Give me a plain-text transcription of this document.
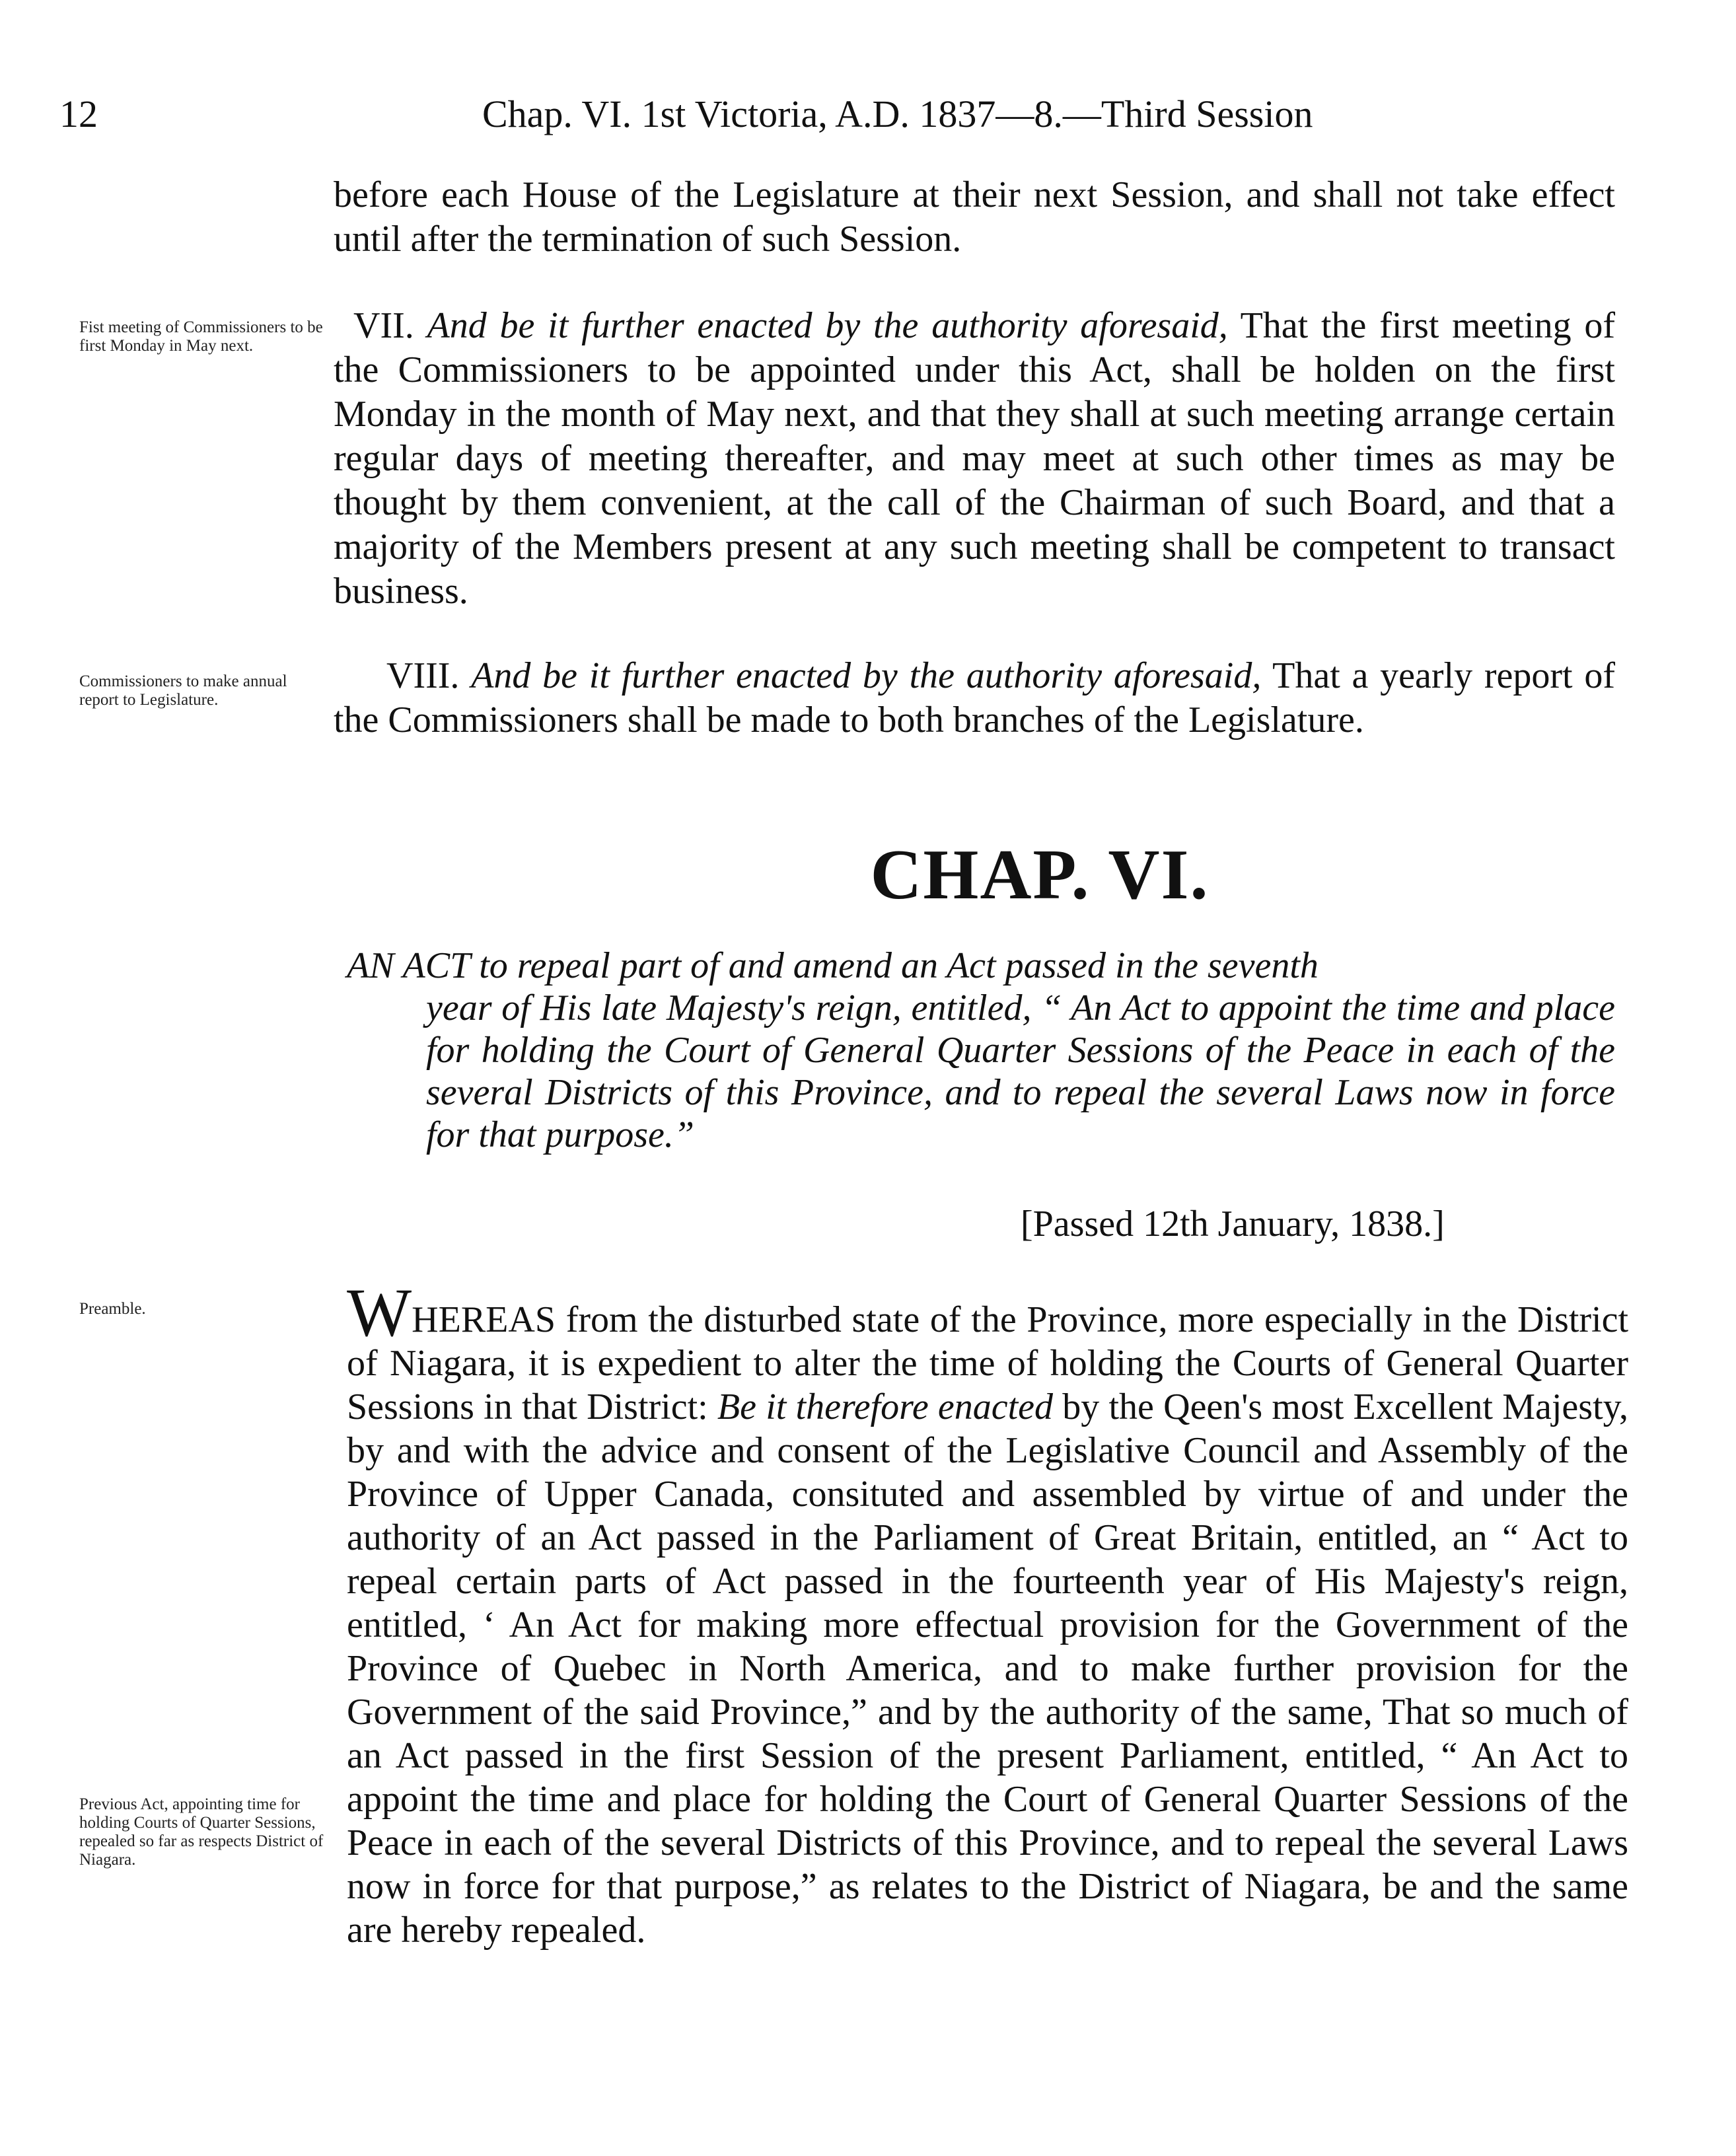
12	Chap. VI. 1st Victoria, A.D. 1837—8.—Third Session
before each House of the Legislature at their next Session, and shall not take effect until after the termination of such Session.
Fist meeting of Commissioners to be first Monday in May next.	VII. And be it further enacted by the authority aforesaid, That the first meeting of the Commissioners to be appointed under this Act, shall be holden on the first Monday in the month of May next, and that they shall at such meeting arrange certain regular days of meeting thereafter, and may meet at such other times as may be thought by them convenient, at the call of the Chairman of such Board, and that a majority of the Members present at any such meeting shall be competent to transact business.
Commissioners to make annual report to Legislature.
VIII. And be it further enacted by the authority aforesaid, That a yearly report of the Commissioners shall be made to both branches of the Legislature.
CHAP. VI.
AN ACT to repeal part of and amend an Act passed in the seventh
year of His late Majesty's reign, entitled, “ An Act to appoint the time and place for holding the Court of General Quarter Sessions of the Peace in each of the several Districts of this Province, and to repeal the several Laws now in force for that purpose.”
[Passed 12th January, 1838.]
Preamble.
Previous Act, appointing time for holding Courts of Quarter Sessions, repealed so far as respects District of Niagara.
WHEREAS from the disturbed state of the Province, more especially in the District of Niagara, it is expedient to alter the time of holding the Courts of General Quarter Sessions in that District: Be it therefore enacted by the Qeen's most Excellent Majesty, by and with the advice and consent of the Legislative Council and Assembly of the Province of Upper Canada, consituted and assembled by virtue of and under the authority of an Act passed in the Parliament of Great Britain, entitled, an “ Act to repeal certain parts of Act passed in the fourteenth year of His Majesty's reign, entitled, ‘ An Act for making more effectual provision for the Government of the Province of Quebec in North America, and to make further provision for the Government of the said Province,” and by the authority of the same, That so much of an Act passed in the first Session of the present Parliament, entitled, “ An Act to appoint the time and place for holding the Court of General Quarter Sessions of the Peace in each of the several Districts of this Province, and to repeal the several Laws now in force for that purpose,” as relates to the District of Niagara, be and the same are hereby repealed.
